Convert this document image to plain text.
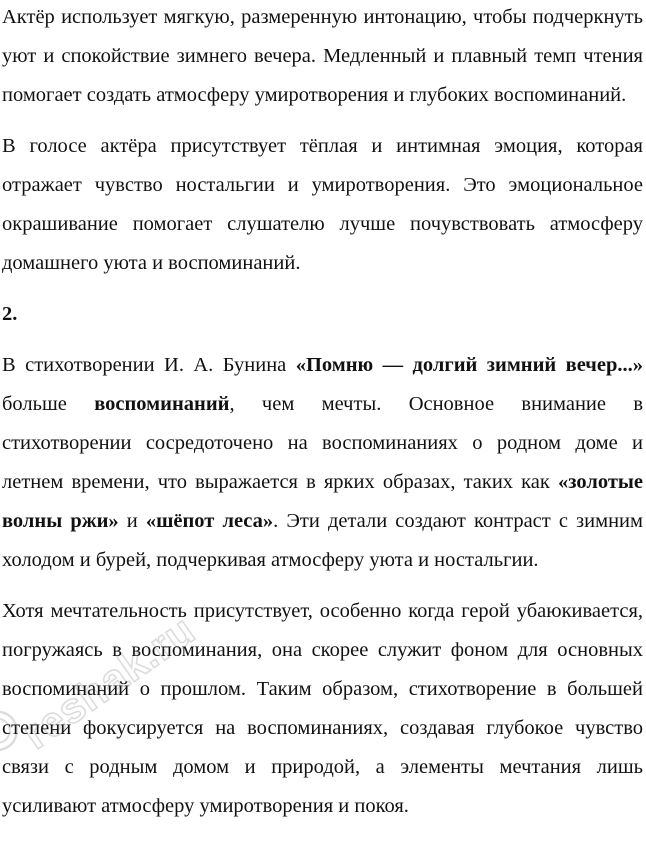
Актёр использует мягкую, размеренную интонацию, чтобы подчеркнуть уют и спокойствие зимнего вечера. Медленный и плавный темп чтения помогает создать атмосферу умиротворения и глубоких воспоминаний.

В голосе актёра присутствует тёплая и интимная эмоция, которая отражает чувство ностальгии и умиротворения. Это эмоциональное окрашивание помогает слушателю лучше почувствовать атмосферу домашнего уюта и воспоминаний.

2.

В стихотворении И. А. Бунина «Помню — долгий зимний вечер...» больше воспоминаний, чем мечты. Основное внимание в стихотворении сосредоточено на воспоминаниях о родном доме и летнем времени, что выражается в ярких образах, таких как «золотые волны ржи» и «шёпот леса». Эти детали создают контраст с зимним холодом и бурей, подчеркивая атмосферу уюта и ностальгии.

Хотя мечтательность присутствует, особенно когда герой убаюкивается, погружаясь в воспоминания, она скорее служит фоном для основных воспоминаний о прошлом. Таким образом, стихотворение в большей степени фокусируется на воспоминаниях, создавая глубокое чувство связи с родным домом и природой, а элементы мечтания лишь усиливают атмосферу умиротворения и покоя.

reshak.ru
